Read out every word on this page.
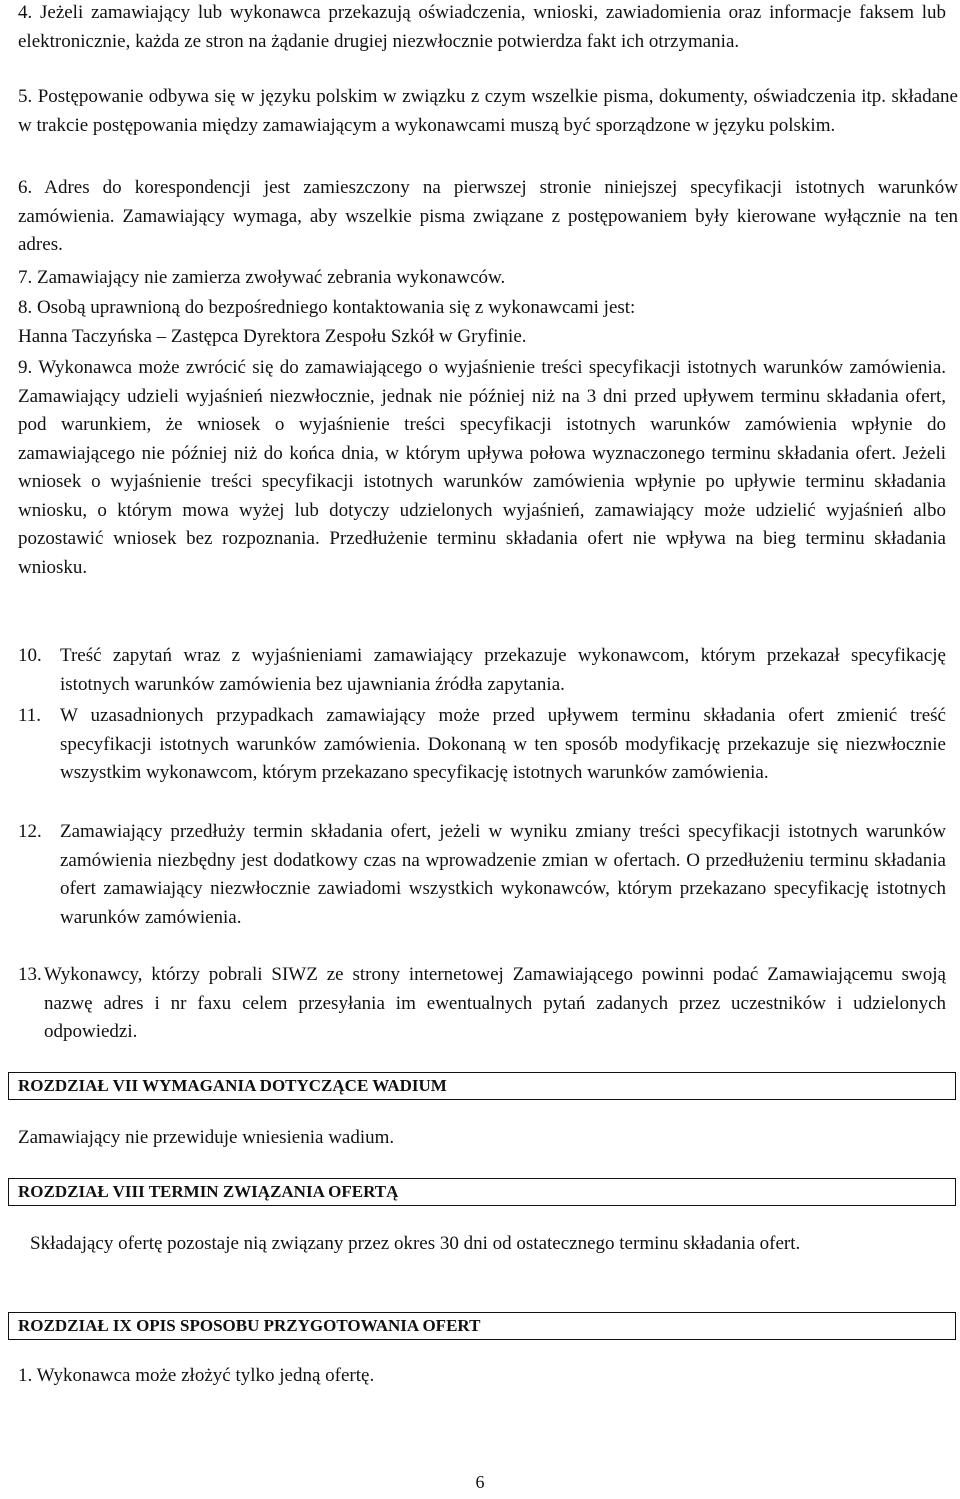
4. Jeżeli zamawiający lub wykonawca przekazują oświadczenia, wnioski, zawiadomienia oraz informacje faksem lub elektronicznie, każda ze stron na żądanie drugiej niezwłocznie potwierdza fakt ich otrzymania.

5. Postępowanie odbywa się w języku polskim w związku z czym wszelkie pisma, dokumenty, oświadczenia itp. składane w trakcie postępowania między zamawiającym a wykonawcami muszą być sporządzone w języku polskim.

6. Adres do korespondencji jest zamieszczony na pierwszej stronie niniejszej specyfikacji istotnych warunków zamówienia. Zamawiający wymaga, aby wszelkie pisma związane z postępowaniem były kierowane wyłącznie na ten adres.

7. Zamawiający nie zamierza zwoływać zebrania wykonawców.

8. Osobą uprawnioną do bezpośredniego kontaktowania się z wykonawcami jest:

Hanna Taczyńska – Zastępca Dyrektora Zespołu Szkół w Gryfinie.

9. Wykonawca może zwrócić się do zamawiającego o wyjaśnienie treści specyfikacji istotnych warunków zamówienia. Zamawiający udzieli wyjaśnień niezwłocznie, jednak nie później niż na 3 dni przed upływem terminu składania ofert, pod warunkiem, że wniosek o wyjaśnienie treści specyfikacji istotnych warunków zamówienia wpłynie do zamawiającego nie później niż do końca dnia, w którym upływa połowa wyznaczonego terminu składania ofert. Jeżeli wniosek o wyjaśnienie treści specyfikacji istotnych warunków zamówienia wpłynie po upływie terminu składania wniosku, o którym mowa wyżej lub dotyczy udzielonych wyjaśnień, zamawiający może udzielić wyjaśnień albo pozostawić wniosek bez rozpoznania. Przedłużenie terminu składania ofert nie wpływa na bieg terminu składania wniosku.

10. Treść zapytań wraz z wyjaśnieniami zamawiający przekazuje wykonawcom, którym przekazał specyfikację istotnych warunków zamówienia bez ujawniania źródła zapytania.

11. W uzasadnionych przypadkach zamawiający może przed upływem terminu składania ofert zmienić treść specyfikacji istotnych warunków zamówienia. Dokonaną w ten sposób modyfikację przekazuje się niezwłocznie wszystkim wykonawcom, którym przekazano specyfikację istotnych warunków zamówienia.

12. Zamawiający przedłuży termin składania ofert, jeżeli w wyniku zmiany treści specyfikacji istotnych warunków zamówienia niezbędny jest dodatkowy czas na wprowadzenie zmian w ofertach. O przedłużeniu terminu składania ofert zamawiający niezwłocznie zawiadomi wszystkich wykonawców, którym przekazano specyfikację istotnych warunków zamówienia.

13. Wykonawcy, którzy pobrali SIWZ ze strony internetowej Zamawiającego powinni podać Zamawiającemu swoją nazwę adres i nr faxu celem przesyłania im ewentualnych pytań zadanych przez uczestników i udzielonych odpowiedzi.

ROZDZIAŁ VII WYMAGANIA DOTYCZĄCE WADIUM
Zamawiający nie przewiduje wniesienia wadium.
ROZDZIAŁ VIII TERMIN ZWIĄZANIA OFERTĄ
Składający ofertę pozostaje nią związany przez okres 30 dni od ostatecznego terminu składania ofert.
ROZDZIAŁ IX OPIS SPOSOBU PRZYGOTOWANIA OFERT
1. Wykonawca może złożyć tylko jedną ofertę.
6
